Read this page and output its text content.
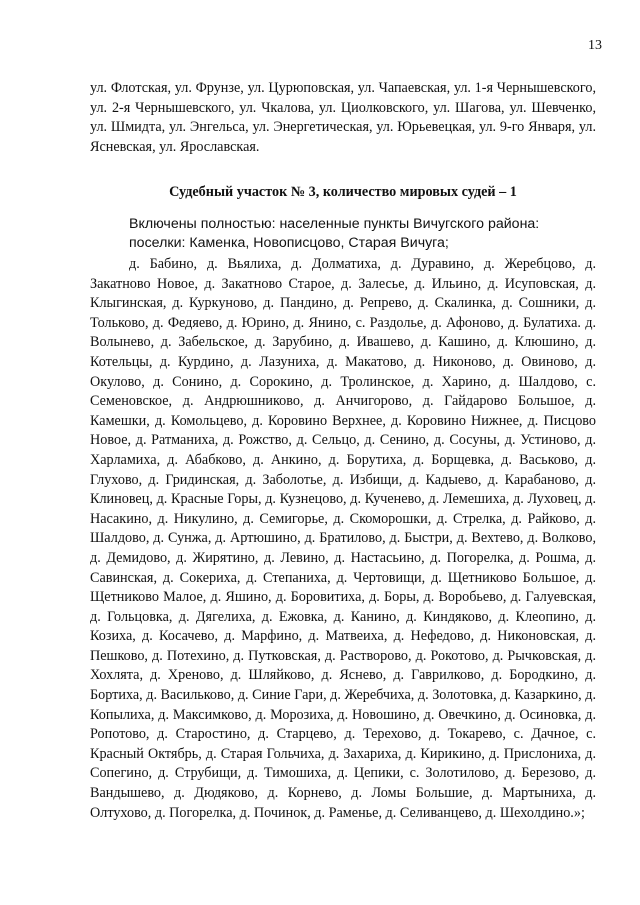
13

ул. Флотская, ул. Фрунзе, ул. Цурюповская, ул. Чапаевская, ул. 1-я Чернышевского, ул. 2-я Чернышевского, ул. Чкалова, ул. Циолковского, ул. Шагова, ул. Шевченко, ул. Шмидта, ул. Энгельса, ул. Энергетическая, ул. Юрьевецкая, ул. 9-го Января, ул. Ясневская, ул. Ярославская.

Судебный участок № 3, количество мировых судей – 1

Включены полностью: населенные пункты Вичугского района:

поселки: Каменка, Новописцово, Старая Вичуга;

д. Бабино, д. Вьялиха, д. Долматиха, д. Дуравино, д. Жеребцово, д. Закатново Новое, д. Закатново Старое, д. Залесье, д. Ильино, д. Исуповская, д. Клыгинская, д. Куркуново, д. Пандино, д. Репрево, д. Скалинка, д. Сошники, д. Тольково, д. Федяево, д. Юрино, д. Янино, с. Раздолье, д. Афоново, д. Булатиха. д. Волынево, д. Забельское, д. Зарубино, д. Ивашево, д. Кашино, д. Клюшино, д. Котельцы, д. Курдино, д. Лазуниха, д. Макатово, д. Никоново, д. Овиново, д. Окулово, д. Сонино, д. Сорокино, д. Тролинское, д. Харино, д. Шалдово, с. Семеновское, д. Андрюшниково, д. Анчигорово, д. Гайдарово Большое, д. Камешки, д. Комольцево, д. Коровино Верхнее, д. Коровино Нижнее, д. Писцово Новое, д. Ратманиха, д. Рожство, д. Сельцо, д. Сенино, д. Сосуны, д. Устиново, д. Харламиха, д. Абабково, д. Анкино, д. Борутиха, д. Борщевка, д. Васьково, д. Глухово, д. Гридинская, д. Заболотье, д. Избищи, д. Кадыево, д. Карабаново, д. Клиновец, д. Красные Горы, д. Кузнецово, д. Кученево, д. Лемешиха, д. Луховец, д. Насакино, д. Никулино, д. Семигорье, д. Скоморошки, д. Стрелка, д. Райково, д. Шалдово, д. Сунжа, д. Артюшино, д. Братилово, д. Быстри, д. Вехтево, д. Волково, д. Демидово, д. Жирятино, д. Левино, д. Настасьино, д. Погорелка, д. Рошма, д. Савинская, д. Сокериха, д. Степаниха, д. Чертовищи, д. Щетниково Большое, д. Щетниково Малое, д. Яшино, д. Боровитиха, д. Боры, д. Воробьево, д. Галуевская, д. Гольцовка, д. Дягелиха, д. Ежовка, д. Канино, д. Киндяково, д. Клеопино, д. Козиха, д. Косачево, д. Марфино, д. Матвеиха, д. Нефедово, д. Никоновская, д. Пешково, д. Потехино, д. Путковская, д. Растворово, д. Рокотово, д. Рычковская, д. Хохлята, д. Хреново, д. Шляйково, д. Яснево, д. Гаврилково, д. Бородкино, д. Бортиха, д. Васильково, д. Синие Гари, д. Жеребчиха, д. Золотовка, д. Казаркино, д. Копылиха, д. Максимково, д. Морозиха, д. Новошино, д. Овечкино, д. Осиновка, д. Ропотово, д. Старостино, д. Старцево, д. Терехово, д. Токарево, с. Дачное, с. Красный Октябрь, д. Старая Гольчиха, д. Захариха, д. Кирикино, д. Прислониха, д. Сопегино, д. Струбищи, д. Тимошиха, д. Цепики, с. Золотилово, д. Березово, д. Вандышево, д. Дюдяково, д. Корнево, д. Ломы Большие, д. Мартыниха, д. Олтухово, д. Погорелка, д. Починок, д. Раменье, д. Селиванцево, д. Шехолдино.»;
